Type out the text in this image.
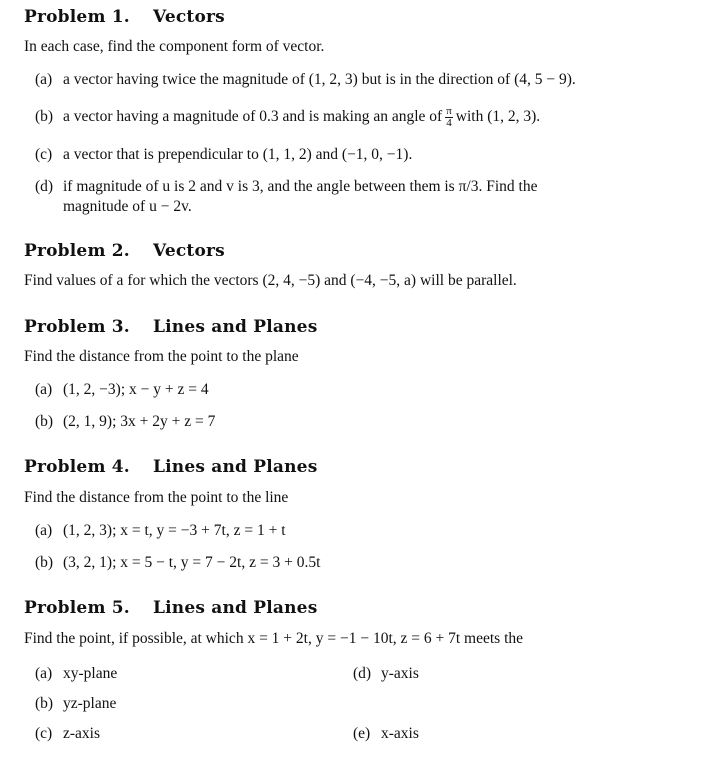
Problem 1. Vectors
In each case, find the component form of vector.
(a) a vector having twice the magnitude of (1, 2, 3) but is in the direction of (4, 5 − 9).
(b) a vector having a magnitude of 0.3 and is making an angle of $\frac{\pi}{4}$ with (1, 2, 3).
(c) a vector that is prependicular to (1, 1, 2) and (−1, 0, −1).
(d) if magnitude of u is 2 and v is 3, and the angle between them is π/3. Find the
magnitude of u − 2v.
Problem 2. Vectors
Find values of a for which the vectors (2, 4, −5) and (−4, −5, a) will be parallel.
Problem 3. Lines and Planes
Find the distance from the point to the plane
(a) (1, 2, −3); x − y + z = 4
(b) (2, 1, 9); 3x + 2y + z = 7
Problem 4. Lines and Planes
Find the distance from the point to the line
(a) (1, 2, 3); x = t, y = −3 + 7t, z = 1 + t
(b) (3, 2, 1); x = 5 − t, y = 7 − 2t, z = 3 + 0.5t
Problem 5. Lines and Planes
Find the point, if possible, at which x = 1 + 2t, y = −1 − 10t, z = 6 + 7t meets the
(a) xy-plane
(b) yz-plane
(c) z-axis
(d) y-axis
(e) x-axis
